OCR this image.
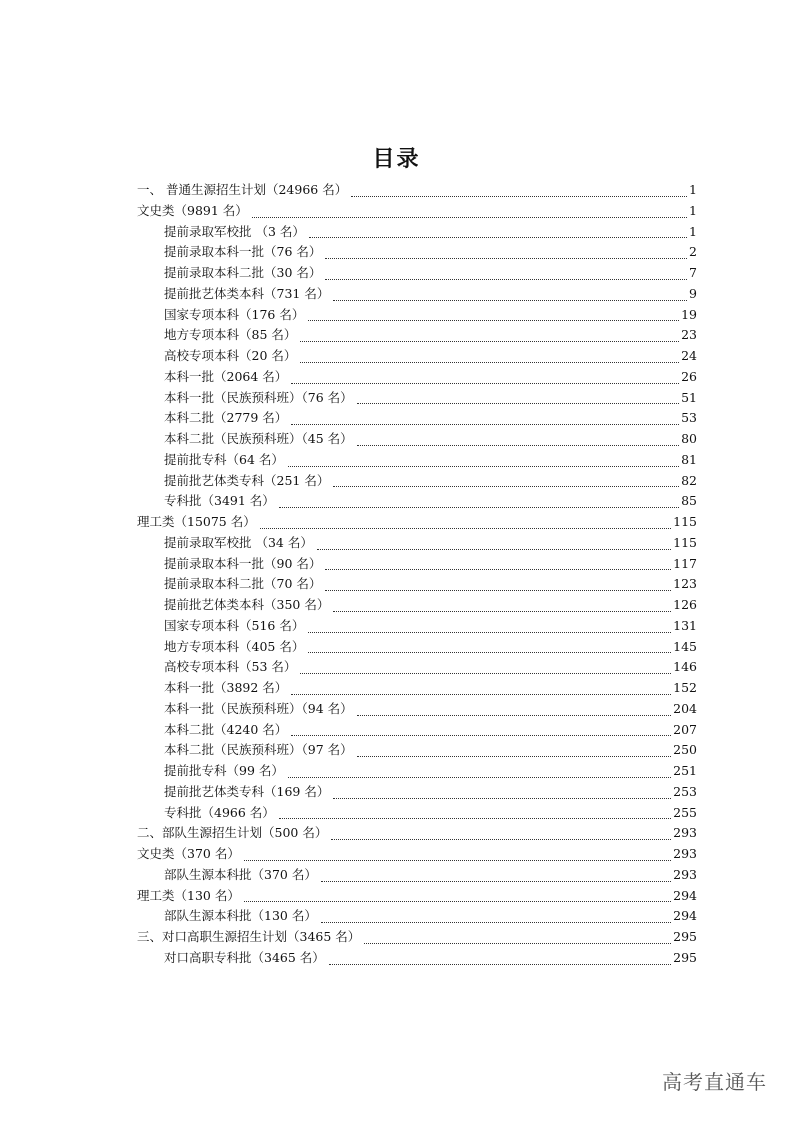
目录
一、 普通生源招生计划（24966 名）	1
文史类（9891 名）	1
提前录取军校批 （3 名）	1
提前录取本科一批（76 名）	2
提前录取本科二批（30 名）	7
提前批艺体类本科（731 名）	9
国家专项本科（176 名）	19
地方专项本科（85 名）	23
高校专项本科（20 名）	24
本科一批（2064 名）	26
本科一批（民族预科班）（76 名）	51
本科二批（2779 名）	53
本科二批（民族预科班）（45 名）	80
提前批专科（64 名）	81
提前批艺体类专科（251 名）	82
专科批（3491 名）	85
理工类（15075 名）	115
提前录取军校批 （34 名）	115
提前录取本科一批（90 名）	117
提前录取本科二批（70 名）	123
提前批艺体类本科（350 名）	126
国家专项本科（516 名）	131
地方专项本科（405 名）	145
高校专项本科（53 名）	146
本科一批（3892 名）	152
本科一批（民族预科班）（94 名）	204
本科二批（4240 名）	207
本科二批（民族预科班）（97 名）	250
提前批专科（99 名）	251
提前批艺体类专科（169 名）	253
专科批（4966 名）	255
二、部队生源招生计划（500 名）	293
文史类（370 名）	293
部队生源本科批（370 名）	293
理工类（130 名）	294
部队生源本科批（130 名）	294
三、对口高职生源招生计划（3465 名）	295
对口高职专科批（3465 名）	295
高考直通车
